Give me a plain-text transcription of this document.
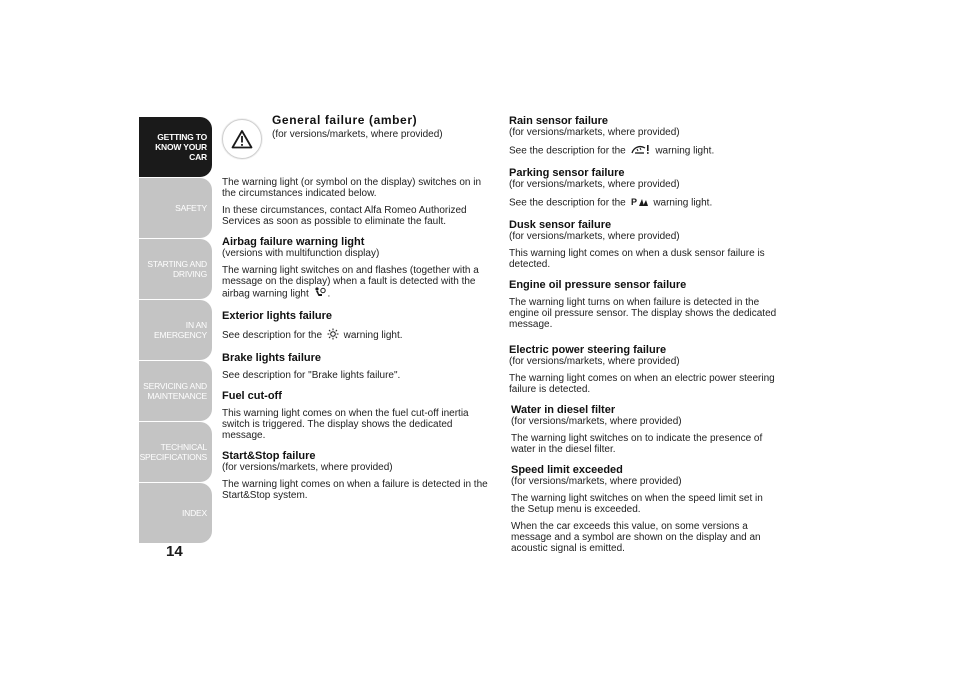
GETTING TO
KNOW YOUR CAR
SAFETY
STARTING AND
DRIVING
IN AN EMERGENCY
SERVICING AND
MAINTENANCE
TECHNICAL
SPECIFICATIONS
INDEX
14
General failure (amber)
(for versions/markets, where provided)
The warning light (or symbol on the display) switches on in the circumstances indicated below.
In these circumstances, contact Alfa Romeo Authorized Services as soon as possible to eliminate the fault.
Airbag failure warning light
(versions with multifunction display)
The warning light switches on and flashes (together with a message on the display) when a fault is detected with the airbag warning light .
Exterior lights failure
See description for the warning light.
Brake lights failure
See description for "Brake lights failure".
Fuel cut-off
This warning light comes on when the fuel cut-off inertia switch is triggered. The display shows the dedicated message.
Start&Stop failure
(for versions/markets, where provided)
The warning light comes on when a failure is detected in the Start&Stop system.
Rain sensor failure
(for versions/markets, where provided)
See the description for the	warning light.
Parking sensor failure
(for versions/markets, where provided)
See the description for the P warning light.
Dusk sensor failure
(for versions/markets, where provided)
This warning light comes on when a dusk sensor failure is detected.
Engine oil pressure sensor failure
The warning light turns on when failure is detected in the engine oil pressure sensor. The display shows the dedicated message.
Electric power steering failure
(for versions/markets, where provided)
The warning light comes on when an electric power steering failure is detected.
Water in diesel filter
(for versions/markets, where provided)
The warning light switches on to indicate the presence of water in the diesel filter.
Speed limit exceeded
(for versions/markets, where provided)
The warning light switches on when the speed limit set in the Setup menu is exceeded.
When the car exceeds this value, on some versions a message and a symbol are shown on the display and an acoustic signal is emitted.
